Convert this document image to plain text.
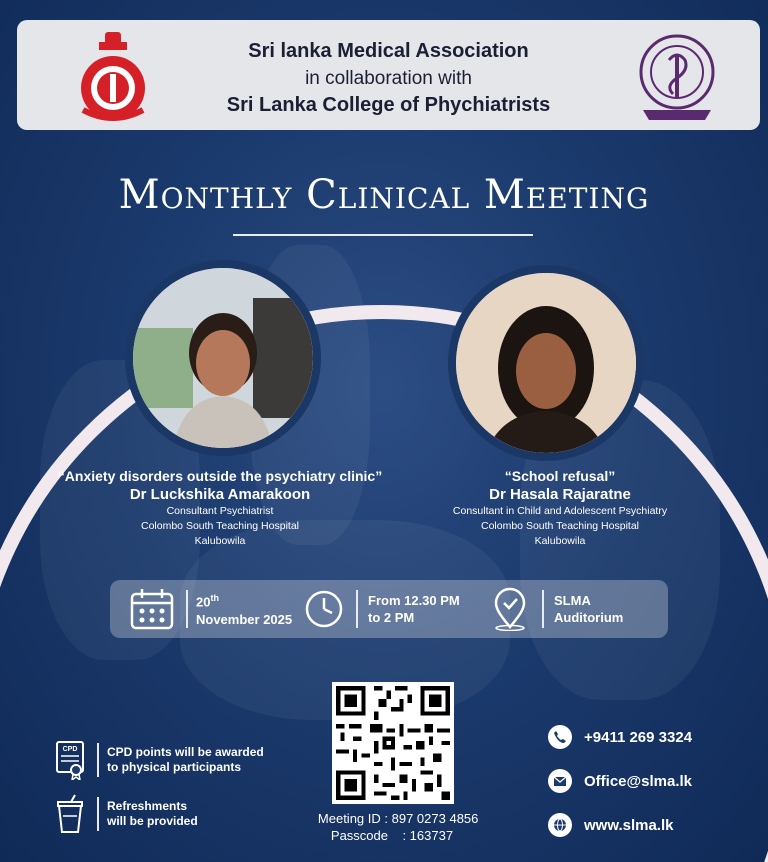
Sri lanka Medical Association
in collaboration with
Sri Lanka College of Phychiatrists
Monthly Clinical Meeting
“Anxiety disorders outside the psychiatry clinic”
Dr Luckshika Amarakoon
Consultant Psychiatrist
Colombo South Teaching Hospital
Kalubowila
“School refusal”
Dr Hasala Rajaratne
Consultant in Child and Adolescent Psychiatry
Colombo South Teaching Hospital
Kalubowila
20th
November 2025
From 12.30 PM
to 2 PM
SLMA
Auditorium
CPD CPD points will be awarded
to physical participants
Refreshments
will be provided	Meeting ID :
897 0273 4856
Passcode
: 163737
+9411 269 3324
Office@slma.lk
www.slma.lk
